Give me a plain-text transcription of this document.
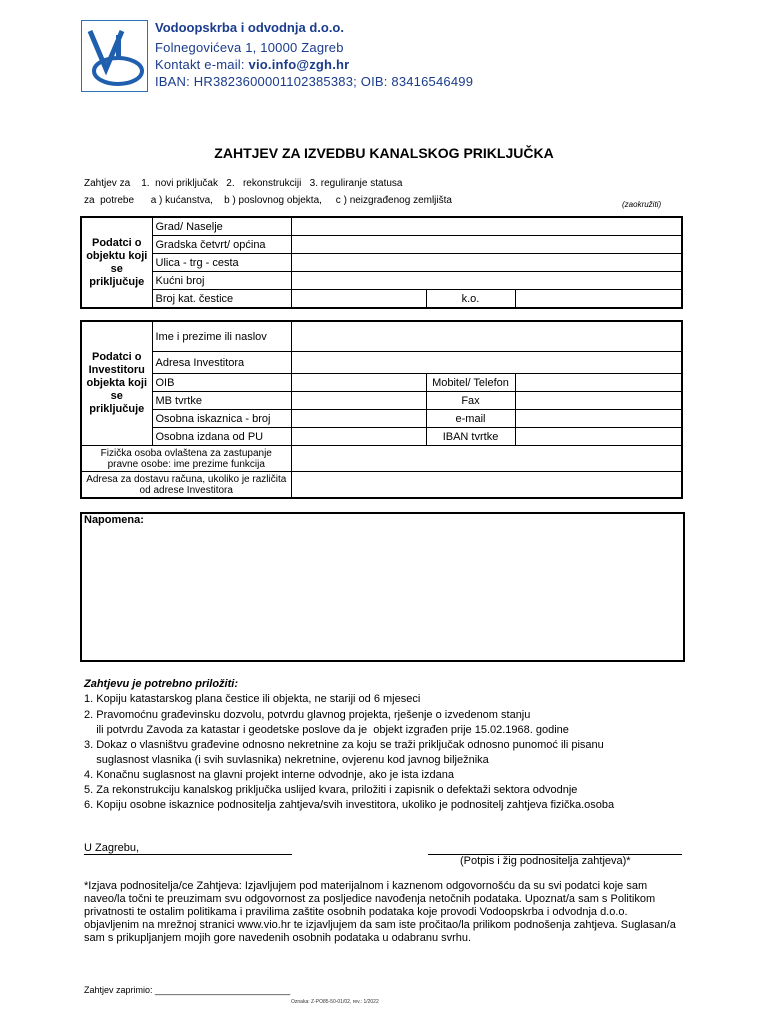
Vodoopskrba i odvodnja d.o.o.
Folnegovićeva 1, 10000 Zagreb
Kontakt e-mail: vio.info@zgh.hr
IBAN: HR3823600001102385383; OIB: 83416546499
ZAHTJEV ZA IZVEDBU KANALSKOG PRIKLJUČKA
Zahtjev za    1.  novi priključak   2.   rekonstrukciji   3. reguliranje statusa
za  potrebe      a ) kućanstva,    b ) poslovnog objekta,     c ) neizgrađenog zemljišta	(zaokružiti)
Podatci o objektu koji se priključuje	Grad/ Naselje			
	Gradska četvrt/ općina			
	Ulica - trg - cesta			
	Kućni broj			
	Broj kat. čestice		k.o.	
Podatci o Investitoru objekta koji se priključuje	Ime i prezime ili naslov			
	Adresa Investitora			
	OIB		Mobitel/ Telefon	
	MB tvrtke		Fax	
	Osobna iskaznica - broj		e-mail	
	Osobna izdana od PU		IBAN tvrtke	
Fizička osoba ovlaštena za zastupanje pravne osobe: ime prezime funkcija				
Adresa za dostavu računa, ukoliko je različita od adrese Investitora				
Napomena:
Zahtjevu je potrebno priložiti:
1. Kopiju katastarskog plana čestice ili objekta, ne stariji od 6 mjeseci
2. Pravomoćnu građevinsku dozvolu, potvrdu glavnog projekta, rješenje o izvedenom stanju
ili potvrdu Zavoda za katastar i geodetske poslove da je  objekt izgrađen prije 15.02.1968. godine
3. Dokaz o vlasništvu građevine odnosno nekretnine za koju se traži priključak odnosno punomoć ili pisanu
suglasnost vlasnika (i svih suvlasnika) nekretnine, ovjerenu kod javnog bilježnika
4. Konačnu suglasnost na glavni projekt interne odvodnje, ako je ista izdana
5. Za rekonstrukciju kanalskog priključka uslijed kvara, priložiti i zapisnik o defektaži sektora odvodnje
6. Kopiju osobne iskaznice podnositelja zahtjeva/svih investitora, ukoliko je podnositelj zahtjeva fizička.osoba
U Zagrebu,
(Potpis i žig podnositelja zahtjeva)*
*Izjava podnositelja/ce Zahtjeva: Izjavljujem pod materijalnom i kaznenom odgovornošću da su svi podatci koje sam naveo/la točni te preuzimam svu odgovornost za posljedice navođenja netočnih podataka. Upoznat/a sam s Politikom privatnosti te ostalim politikama i pravilima zaštite osobnih podataka koje provodi Vodoopskrba i odvodnja d.o.o. objavljenim na mrežnoj stranici www.vio.hr te izjavljujem da sam iste pročitao/la prilikom podnošenja zahtjeva. Suglasan/a sam s prikupljanjem mojih gore navedenih osobnih podataka u odabranu svrhu.
Zahtjev zaprimio: ___________________________
Oznaka: Z-PO85-50-01/02, rev.: 1/2022
